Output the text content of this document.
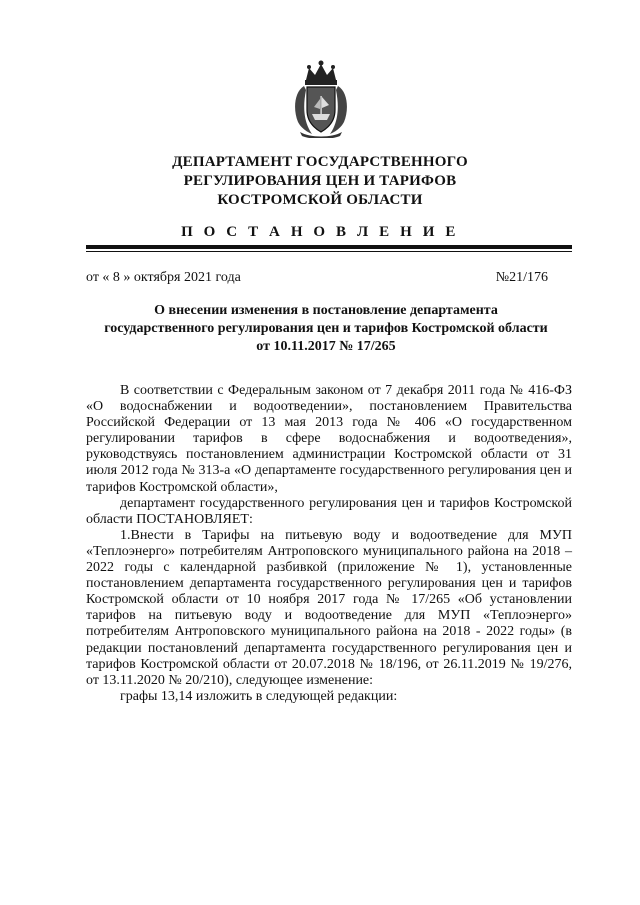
ДЕПАРТАМЕНТ ГОСУДАРСТВЕННОГО
РЕГУЛИРОВАНИЯ ЦЕН И ТАРИФОВ
КОСТРОМСКОЙ ОБЛАСТИ
П О С Т А Н О В Л Е Н И Е
от « 8 » октября 2021 года	№21/176
О внесении изменения в постановление департамента
государственного регулирования цен и тарифов Костромской области
от 10.11.2017 № 17/265

В соответствии с Федеральным законом от 7 декабря 2011 года № 416-ФЗ «О водоснабжении и водоотведении», постановлением Правительства Российской Федерации от 13 мая 2013 года № 406 «О государственном регулировании тарифов в сфере водоснабжения и водоотведения», руководствуясь постановлением администрации Костромской области от 31 июля 2012 года № 313-а «О департаменте государственного регулирования цен и тарифов Костромской области»,

департамент государственного регулирования цен и тарифов Костромской области ПОСТАНОВЛЯЕТ:

1.Внести в Тарифы на питьевую воду и водоотведение для МУП «Теплоэнерго» потребителям Антроповского муниципального района на 2018 – 2022 годы с календарной разбивкой (приложение № 1), установленные постановлением департамента государственного регулирования цен и тарифов Костромской области от 10 ноября 2017 года № 17/265 «Об установлении тарифов на питьевую воду и водоотведение для МУП «Теплоэнерго» потребителям Антроповского муниципального района на 2018 - 2022 годы» (в редакции постановлений департамента государственного регулирования цен и тарифов Костромской области от 20.07.2018 № 18/196, от 26.11.2019 № 19/276, от 13.11.2020 № 20/210), следующее изменение:

графы 13,14 изложить в следующей редакции:
